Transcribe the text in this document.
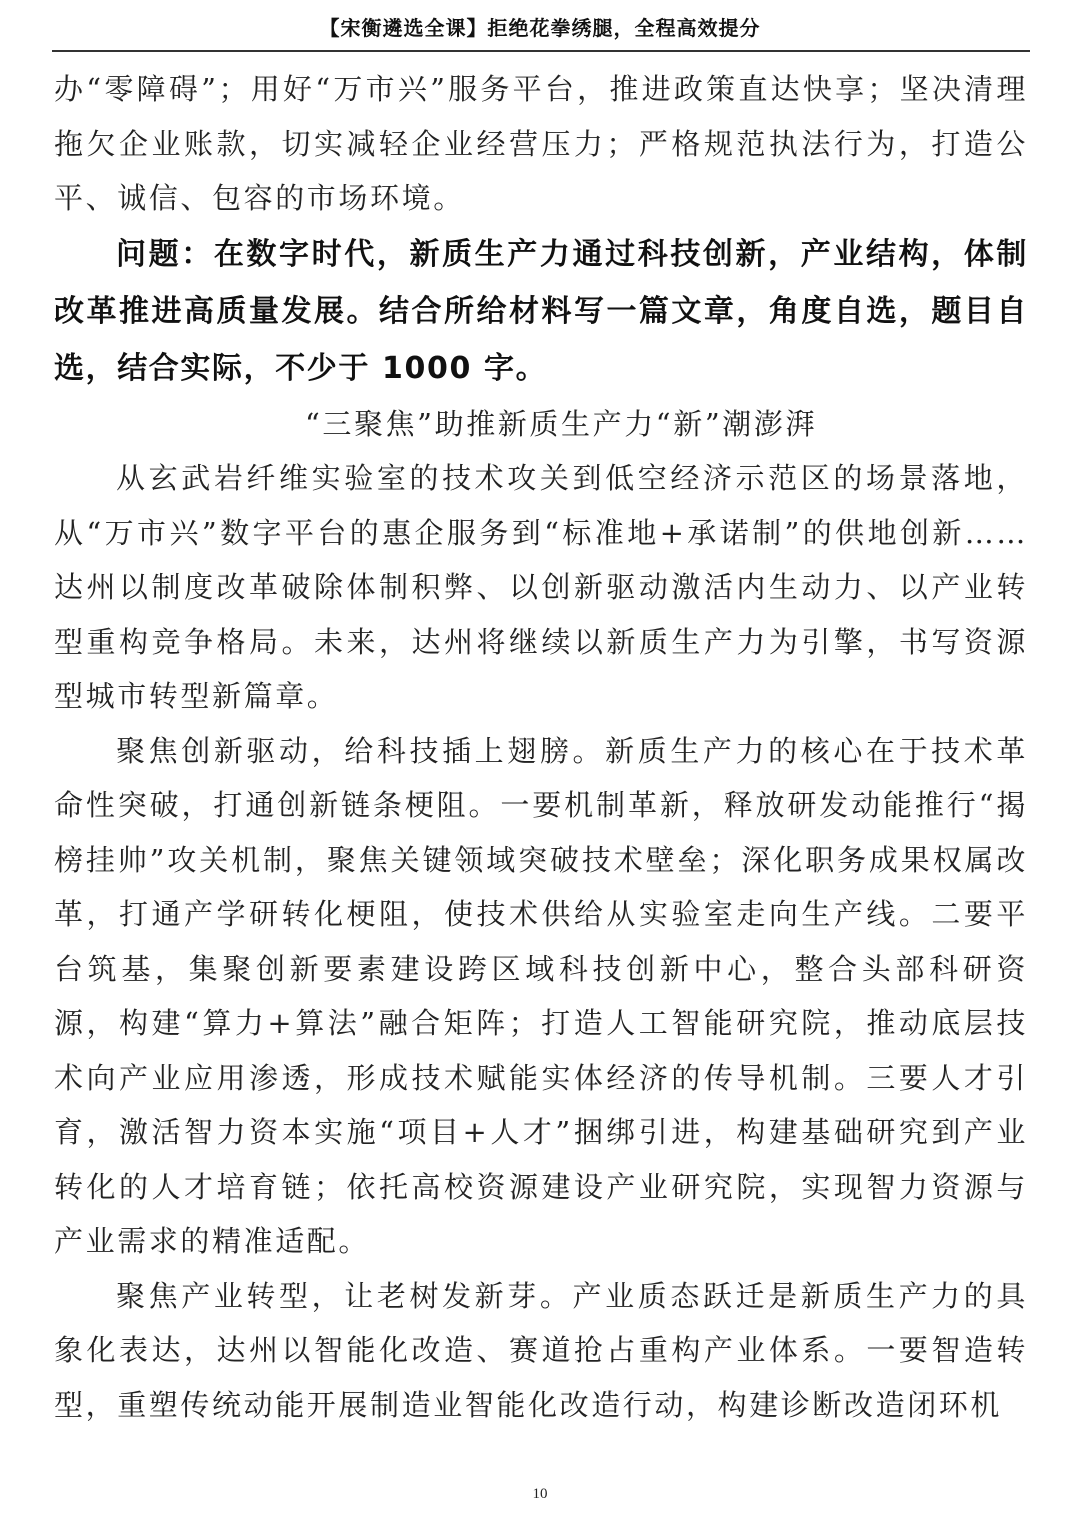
【宋衡遴选全课】拒绝花拳绣腿，全程高效提分

办“零障碍”；用好“万市兴”服务平台，推进政策直达快享；坚决清理拖欠企业账款，切实减轻企业经营压力；严格规范执法行为，打造公平、诚信、包容的市场环境。

问题：在数字时代，新质生产力通过科技创新，产业结构，体制改革推进高质量发展。结合所给材料写一篇文章，角度自选，题目自选，结合实际，不少于 1000 字。

“三聚焦”助推新质生产力“新”潮澎湃

从玄武岩纤维实验室的技术攻关到低空经济示范区的场景落地，从“万市兴”数字平台的惠企服务到“标准地+承诺制”的供地创新……达州以制度改革破除体制积弊、以创新驱动激活内生动力、以产业转型重构竞争格局。未来，达州将继续以新质生产力为引擎，书写资源型城市转型新篇章。

聚焦创新驱动，给科技插上翅膀。新质生产力的核心在于技术革命性突破，打通创新链条梗阻。一要机制革新，释放研发动能推行“揭榜挂帅”攻关机制，聚焦关键领域突破技术壁垒；深化职务成果权属改革，打通产学研转化梗阻，使技术供给从实验室走向生产线。二要平台筑基，集聚创新要素建设跨区域科技创新中心，整合头部科研资源，构建“算力+算法”融合矩阵；打造人工智能研究院，推动底层技术向产业应用渗透，形成技术赋能实体经济的传导机制。三要人才引育，激活智力资本实施“项目+人才”捆绑引进，构建基础研究到产业转化的人才培育链；依托高校资源建设产业研究院，实现智力资源与产业需求的精准适配。

聚焦产业转型，让老树发新芽。产业质态跃迁是新质生产力的具象化表达，达州以智能化改造、赛道抢占重构产业体系。一要智造转型，重塑传统动能开展制造业智能化改造行动，构建诊断改造闭环机

10
